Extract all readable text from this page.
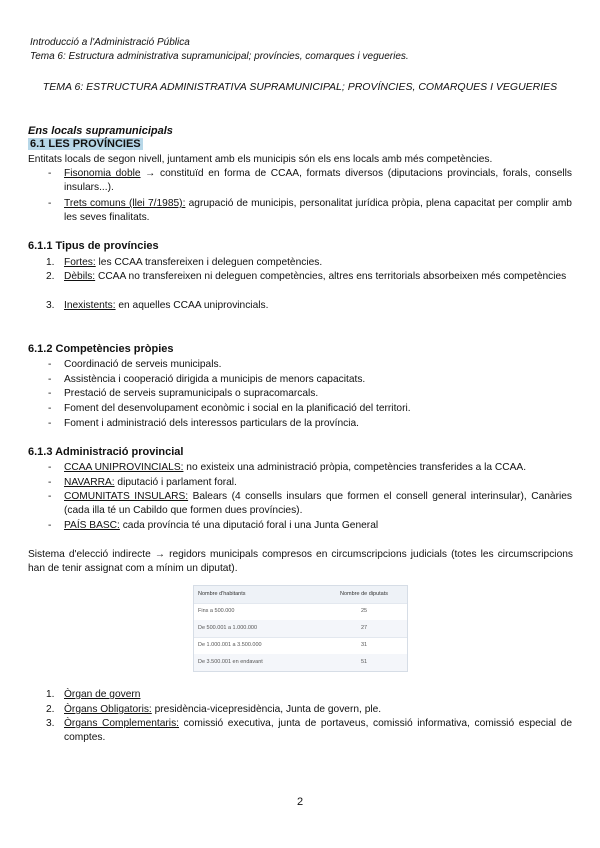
Introducció a l'Administració Pública
Tema 6: Estructura administrativa supramunicipal; províncies, comarques i vegueries.
TEMA 6: ESTRUCTURA ADMINISTRATIVA SUPRAMUNICIPAL; PROVÍNCIES, COMARQUES I VEGUERIES
Ens locals supramunicipals
6.1 LES PROVÍNCIES
Entitats locals de segon nivell, juntament amb els municipis són els ens locals amb més competències.
- Fisonomia doble → constituïd en forma de CCAA, formats diversos (diputacions provincials, forals, consells insulars...).
- Trets comuns (llei 7/1985): agrupació de municipis, personalitat jurídica pròpia, plena capacitat per complir amb les seves finalitats.
6.1.1 Tipus de províncies
1. Fortes: les CCAA transfereixen i deleguen competències.
2. Dèbils: CCAA no transfereixen ni deleguen competències, altres ens territorials absorbeixen més competències
3. Inexistents: en aquelles CCAA uniprovincials.
6.1.2 Competències pròpies
- Coordinació de serveis municipals.
- Assistència i cooperació dirigida a municipis de menors capacitats.
- Prestació de serveis supramunicipals o supracomarcals.
- Foment del desenvolupament econòmic i social en la planificació del territori.
- Foment i administració dels interessos particulars de la província.
6.1.3 Administració provincial
- CCAA UNIPROVINCIALS: no existeix una administració pròpia, competències transferides a la CCAA.
- NAVARRA: diputació i parlament foral.
- COMUNITATS INSULARS: Balears (4 consells insulars que formen el consell general interinsular), Canàries (cada illa té un Cabildo que formen dues províncies).
- PAÍS BASC: cada província té una diputació foral i una Junta General
Sistema d'elecció indirecte → regidors municipals compresos en circumscripcions judicials (totes les circumscripcions han de tenir assignat com a mínim un diputat).
Nombre d'habitants	Nombre de diputats
Fins a 500.000	25
De 500.001 a 1.000.000	27
De 1.000.001 a 3.500.000	31
De 3.500.001 en endavant	51
1. Òrgan de govern
2. Òrgans Obligatoris: presidència-vicepresidència, Junta de govern, ple.
3. Òrgans Complementaris: comissió executiva, junta de portaveus, comissió informativa, comissió especial de comptes.
2
